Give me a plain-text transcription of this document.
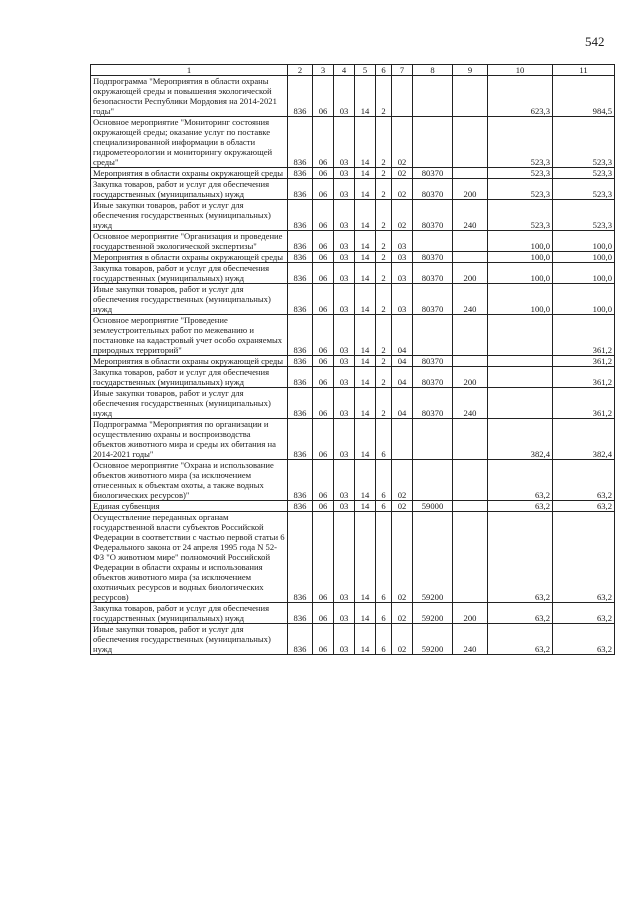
542
1	2	3	4	5	6	7	8	9	10	11
Подпрограмма "Мероприятия в области охраны окружающей среды и повышения экологической безопасности Республики Мордовия на 2014-2021 годы"	836	06	03	14	2				623,3	984,5
Основное мероприятие "Мониторинг состояния окружающей среды; оказание услуг по поставке специализированной информации в области гидрометеорологии и мониторингу окружающей среды"	836	06	03	14	2	02			523,3	523,3
Мероприятия в области охраны окружающей среды	836	06	03	14	2	02	80370		523,3	523,3
Закупка товаров, работ и услуг для обеспечения государственных (муниципальных) нужд	836	06	03	14	2	02	80370	200	523,3	523,3
Иные закупки товаров, работ и услуг для обеспечения государственных (муниципальных) нужд	836	06	03	14	2	02	80370	240	523,3	523,3
Основное мероприятие "Организация и проведение государственной экологической экспертизы"	836	06	03	14	2	03			100,0	100,0
Мероприятия в области охраны окружающей среды	836	06	03	14	2	03	80370		100,0	100,0
Закупка товаров, работ и услуг для обеспечения государственных (муниципальных) нужд	836	06	03	14	2	03	80370	200	100,0	100,0
Иные закупки товаров, работ и услуг для обеспечения государственных (муниципальных) нужд	836	06	03	14	2	03	80370	240	100,0	100,0
Основное мероприятие "Проведение землеустроительных работ по межеванию и постановке на кадастровый учет особо охраняемых природных территорий"	836	06	03	14	2	04				361,2
Мероприятия в области охраны окружающей среды	836	06	03	14	2	04	80370			361,2
Закупка товаров, работ и услуг для обеспечения государственных (муниципальных) нужд	836	06	03	14	2	04	80370	200		361,2
Иные закупки товаров, работ и услуг для обеспечения государственных (муниципальных) нужд	836	06	03	14	2	04	80370	240		361,2
Подпрограмма "Мероприятия по организации и осуществлению охраны и воспроизводства объектов животного мира и среды их обитания на 2014-2021 годы"	836	06	03	14	6				382,4	382,4
Основное мероприятие "Охрана и использование объектов животного мира (за исключением отнесенных к объектам охоты, а также водных биологических ресурсов)"	836	06	03	14	6	02			63,2	63,2
Единая субвенция	836	06	03	14	6	02	59000		63,2	63,2
Осуществление переданных органам государственной власти субъектов Российской Федерации в соответствии с частью первой статьи 6 Федерального закона от 24 апреля 1995 года N 52-ФЗ "О животном мире" полномочий Российской Федерации в области охраны и использования объектов животного мира (за исключением охотничьих ресурсов и водных биологических ресурсов)	836	06	03	14	6	02	59200		63,2	63,2
Закупка товаров, работ и услуг для обеспечения государственных (муниципальных) нужд	836	06	03	14	6	02	59200	200	63,2	63,2
Иные закупки товаров, работ и услуг для обеспечения государственных (муниципальных) нужд	836	06	03	14	6	02	59200	240	63,2	63,2
